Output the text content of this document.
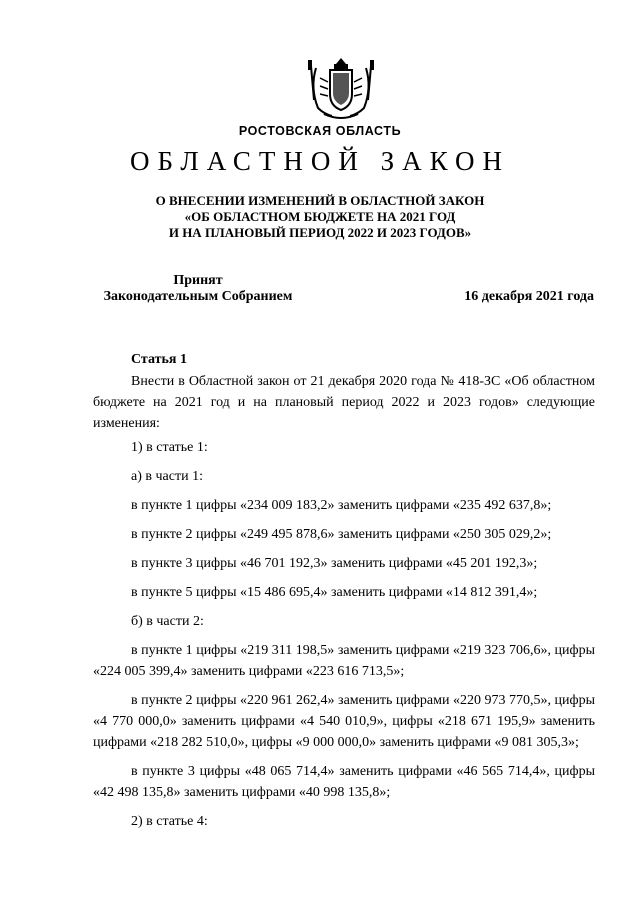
РОСТОВСКАЯ ОБЛАСТЬ
ОБЛАСТНОЙ ЗАКОН
О ВНЕСЕНИИ ИЗМЕНЕНИЙ В ОБЛАСТНОЙ ЗАКОН
«ОБ ОБЛАСТНОМ БЮДЖЕТЕ НА 2021 ГОД
И НА ПЛАНОВЫЙ ПЕРИОД 2022 И 2023 ГОДОВ»
Принят
Законодательным Собранием	16 декабря 2021 года
Статья 1

Внести в Областной закон от 21 декабря 2020 года № 418-ЗС «Об областном бюджете на 2021 год и на плановый период 2022 и 2023 годов» следующие изменения:

1) в статье 1:

а) в части 1:

в пункте 1 цифры «234 009 183,2» заменить цифрами «235 492 637,8»;

в пункте 2 цифры «249 495 878,6» заменить цифрами «250 305 029,2»;

в пункте 3 цифры «46 701 192,3» заменить цифрами «45 201 192,3»;

в пункте 5 цифры «15 486 695,4» заменить цифрами «14 812 391,4»;

б) в части 2:

в пункте 1 цифры «219 311 198,5» заменить цифрами «219 323 706,6», цифры «224 005 399,4» заменить цифрами «223 616 713,5»;

в пункте 2 цифры «220 961 262,4» заменить цифрами «220 973 770,5», цифры «4 770 000,0» заменить цифрами «4 540 010,9», цифры «218 671 195,9» заменить цифрами «218 282 510,0», цифры «9 000 000,0» заменить цифрами «9 081 305,3»;

в пункте 3 цифры «48 065 714,4» заменить цифрами «46 565 714,4», цифры «42 498 135,8» заменить цифрами «40 998 135,8»;

2) в статье 4:
